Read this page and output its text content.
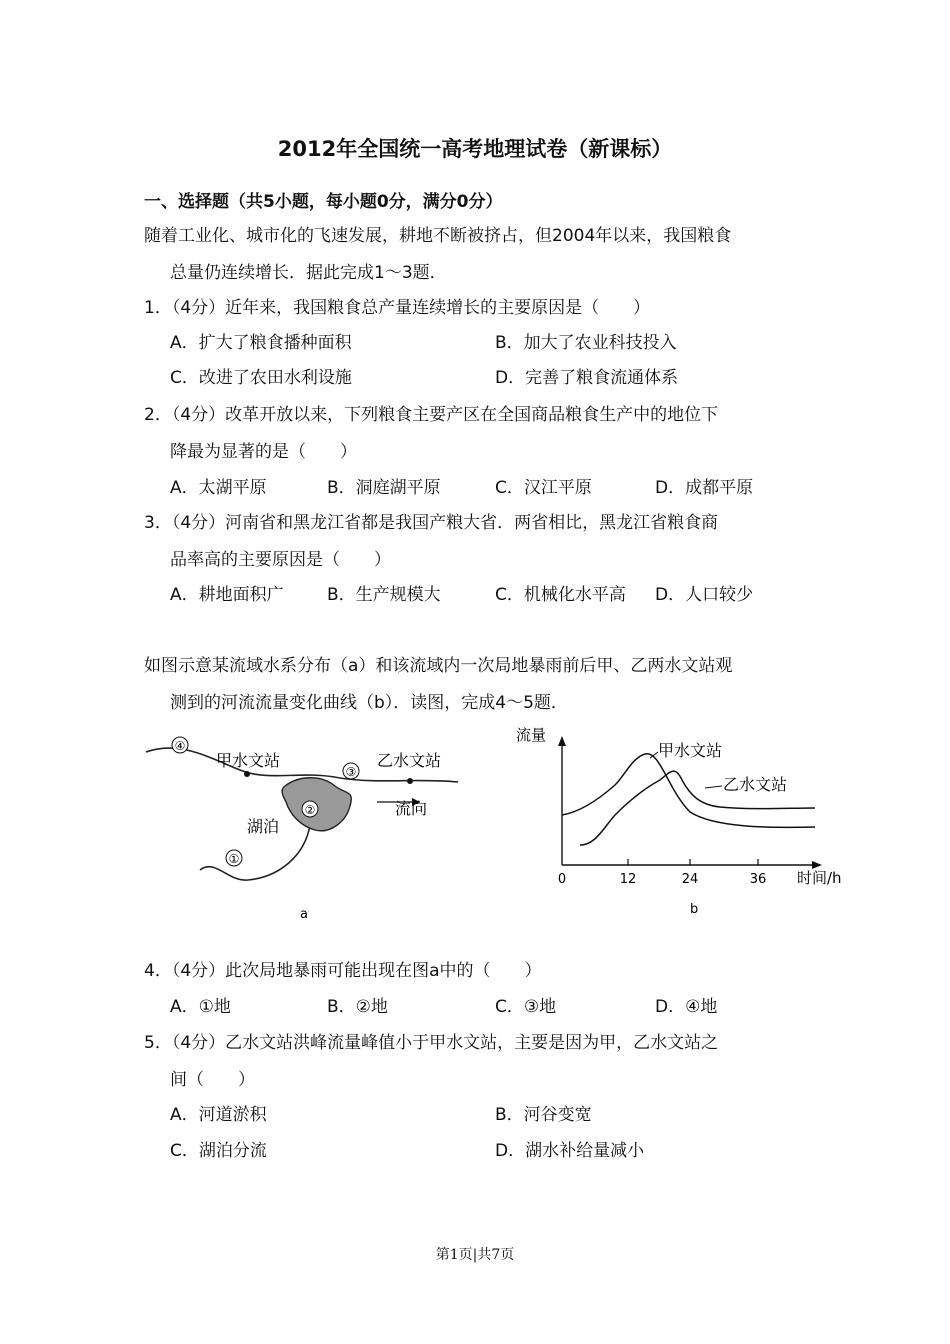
2012年全国统一高考地理试卷（新课标）
一、选择题（共5小题，每小题0分，满分0分）
随着工业化、城市化的飞速发展，耕地不断被挤占，但2004年以来，我国粮食
总量仍连续增长．据此完成1～3题．
1．（4分）近年来，我国粮食总产量连续增长的主要原因是（　　）
A．扩大了粮食播种面积	B．加大了农业科技投入
C．改进了农田水利设施	D．完善了粮食流通体系
2．（4分）改革开放以来，下列粮食主要产区在全国商品粮食生产中的地位下
降最为显著的是（　　）
A．太湖平原	B．洞庭湖平原	C．汉江平原	D．成都平原
3．（4分）河南省和黑龙江省都是我国产粮大省．两省相比，黑龙江省粮食商
品率高的主要原因是（　　）
A．耕地面积广	B．生产规模大	C．机械化水平高 D．人口较少
如图示意某流域水系分布（a）和该流域内一次局地暴雨前后甲、乙两水文站观
测到的河流流量变化曲线（b）．读图，完成4～5题．
④
③
②
①
甲水文站	乙水文站
湖泊
流向
a
流量
时间/h
0	12	24	36
甲水文站
乙水文站
b
4．（4分）此次局地暴雨可能出现在图a中的（　　）
A．①地	B．②地	C．③地	D．④地
5．（4分）乙水文站洪峰流量峰值小于甲水文站，主要是因为甲，乙水文站之
间（　　）
A．河道淤积	B．河谷变宽
C．湖泊分流	D．湖水补给量减小
第1页|共7页
